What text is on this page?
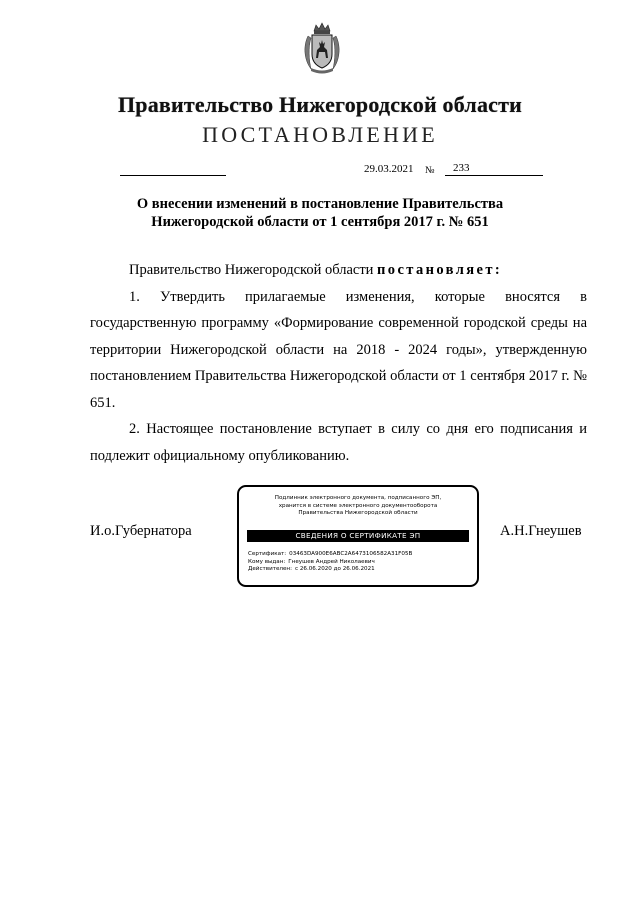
Правительство Нижегородской области
ПОСТАНОВЛЕНИЕ
29.03.2021 №	233
О внесении изменений в постановление Правительства
Нижегородской области от 1 сентября 2017 г. № 651

Правительство Нижегородской области постановляет:

1. Утвердить прилагаемые изменения, которые вносятся в государственную программу «Формирование современной городской среды на территории Нижегородской области на 2018 - 2024 годы», утвержденную постановлением Правительства Нижегородской области от 1 сентября 2017 г. № 651.

2. Настоящее постановление вступает в силу со дня его подписания и подлежит официальному опубликованию.

И.о.Губернатора	А.Н.Гнеушев
Подлинник электронного документа, подписанного ЭП,
хранится в системе электронного документооборота
Правительства Нижегородской области
СВЕДЕНИЯ О СЕРТИФИКАТЕ ЭП
Сертификат: 03463DA900E6ABC2A6473106582A31F05B
Кому выдан: Гнеушев Андрей Николаевич
Действителен: с 26.06.2020 до 26.06.2021
